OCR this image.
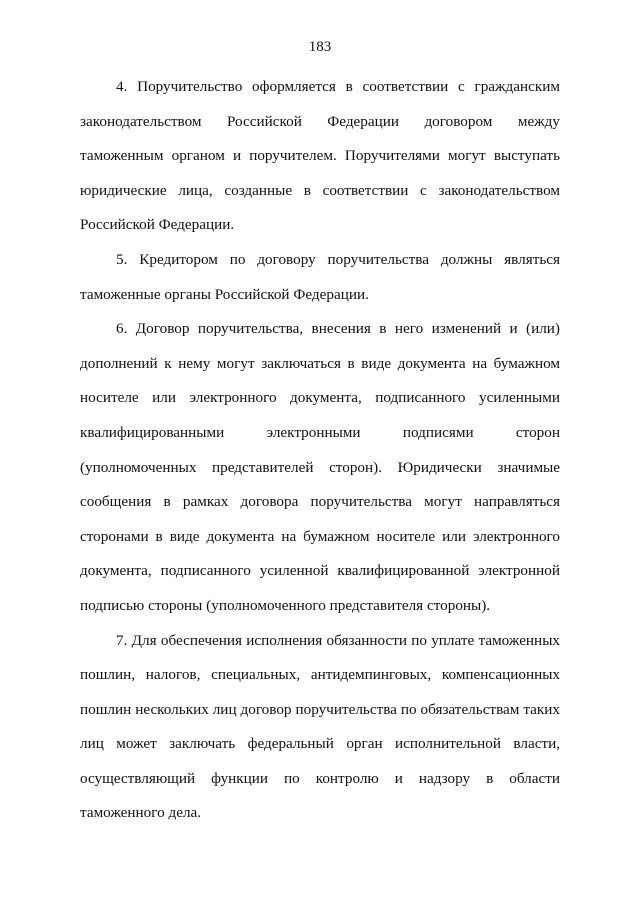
183

4. Поручительство оформляется в соответствии с гражданским законодательством Российской Федерации договором между таможенным органом и поручителем. Поручителями могут выступать юридические лица, созданные в соответствии с законодательством Российской Федерации.

5. Кредитором по договору поручительства должны являться таможенные органы Российской Федерации.

6. Договор поручительства, внесения в него изменений и (или) дополнений к нему могут заключаться в виде документа на бумажном носителе или электронного документа, подписанного усиленными квалифицированными электронными подписями сторон (уполномоченных представителей сторон). Юридически значимые сообщения в рамках договора поручительства могут направляться сторонами в виде документа на бумажном носителе или электронного документа, подписанного усиленной квалифицированной электронной подписью стороны (уполномоченного представителя стороны).

7. Для обеспечения исполнения обязанности по уплате таможенных пошлин, налогов, специальных, антидемпинговых, компенсационных пошлин нескольких лиц договор поручительства по обязательствам таких лиц может заключать федеральный орган исполнительной власти, осуществляющий функции по контролю и надзору в области таможенного дела.
